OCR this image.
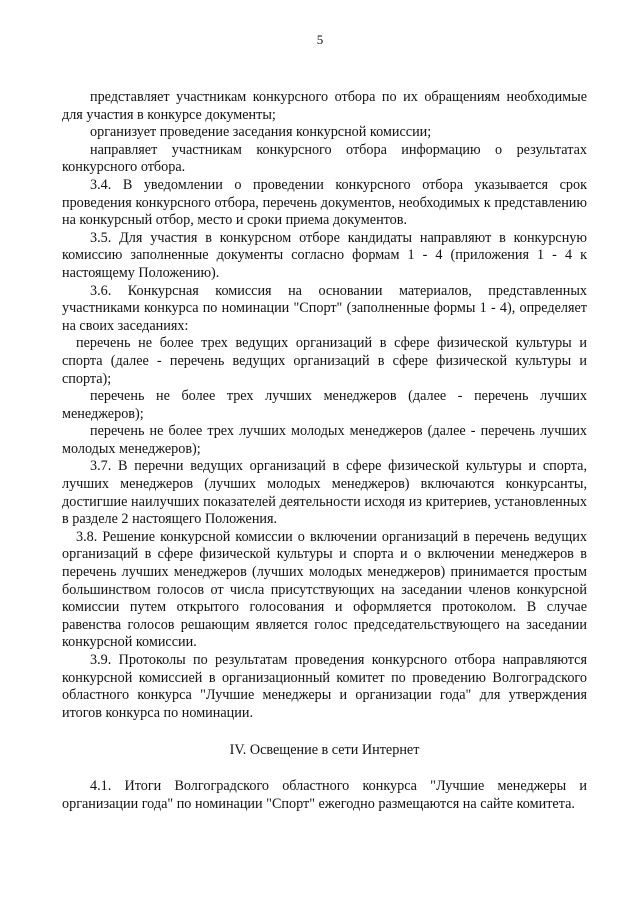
5

представляет участникам конкурсного отбора по их обращениям необходимые для участия в конкурсе документы;

организует проведение заседания конкурсной комиссии;

направляет участникам конкурсного отбора информацию о результатах конкурсного отбора.

3.4. В уведомлении о проведении конкурсного отбора указывается срок проведения конкурсного отбора, перечень документов, необходимых к представлению на конкурсный отбор, место и сроки приема документов.

3.5. Для участия в конкурсном отборе кандидаты направляют в конкурсную комиссию заполненные документы согласно формам 1 - 4 (приложения 1 - 4 к настоящему Положению).

3.6. Конкурсная комиссия на основании материалов, представленных участниками конкурса по номинации "Спорт" (заполненные формы 1 - 4), определяет на своих заседаниях:

перечень не более трех ведущих организаций в сфере физической культуры и спорта (далее - перечень ведущих организаций в сфере физической культуры и спорта);

перечень не более трех лучших менеджеров (далее - перечень лучших менеджеров);

перечень не более трех лучших молодых менеджеров (далее - перечень лучших молодых менеджеров);

3.7. В перечни ведущих организаций в сфере физической культуры и спорта, лучших менеджеров (лучших молодых менеджеров) включаются конкурсанты, достигшие наилучших показателей деятельности исходя из критериев, установленных в разделе 2 настоящего Положения.

3.8. Решение конкурсной комиссии о включении организаций в перечень ведущих организаций в сфере физической культуры и спорта и о включении менеджеров в перечень лучших менеджеров (лучших молодых менеджеров) принимается простым большинством голосов от числа присутствующих на заседании членов конкурсной комиссии путем открытого голосования и оформляется протоколом. В случае равенства голосов решающим является голос председательствующего на заседании конкурсной комиссии.

3.9. Протоколы по результатам проведения конкурсного отбора направляются конкурсной комиссией в организационный комитет по проведению Волгоградского областного конкурса "Лучшие менеджеры и организации года" для утверждения итогов конкурса по номинации.

IV. Освещение в сети Интернет

4.1. Итоги Волгоградского областного конкурса "Лучшие менеджеры и организации года" по номинации "Спорт" ежегодно размещаются на сайте комитета.
